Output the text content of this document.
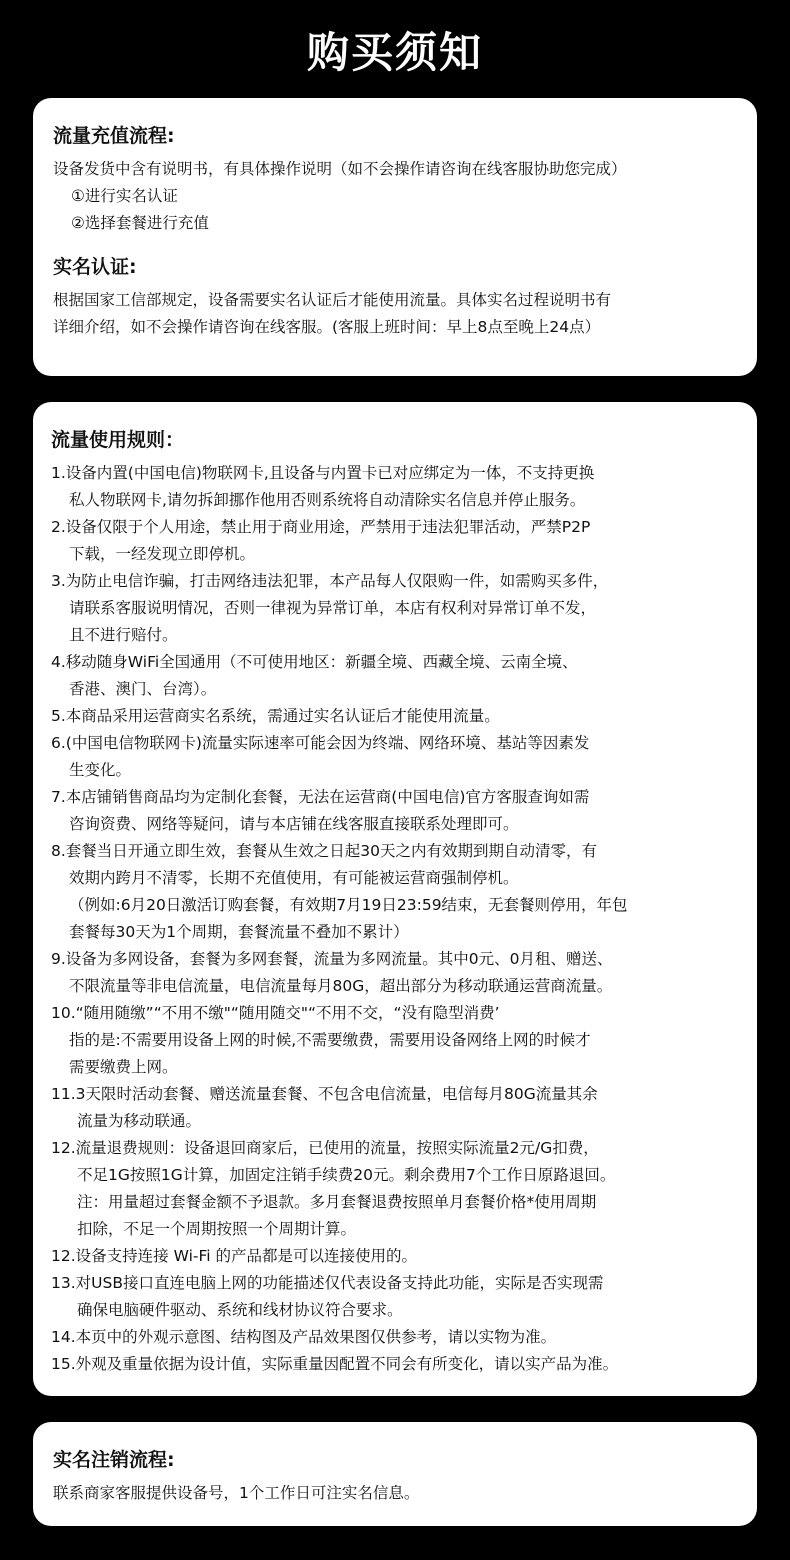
购买须知
流量充值流程:

设备发货中含有说明书，有具体操作说明（如不会操作请咨询在线客服协助您完成）

①进行实名认证

②选择套餐进行充值

实名认证:

根据国家工信部规定，设备需要实名认证后才能使用流量。具体实名过程说明书有

详细介绍，如不会操作请咨询在线客服。(客服上班时间：早上8点至晚上24点）

流量使用规则：

1.设备内置(中国电信)物联网卡,且设备与内置卡已对应绑定为一体，不支持更换

私人物联网卡,请勿拆卸挪作他用否则系统将自动清除实名信息并停止服务。

2.设备仅限于个人用途，禁止用于商业用途，严禁用于违法犯罪活动，严禁P2P

下载，一经发现立即停机。

3.为防止电信诈骗，打击网络违法犯罪，本产品每人仅限购一件，如需购买多件，

请联系客服说明情况，否则一律视为异常订单，本店有权利对异常订单不发，

且不进行赔付。

4.移动随身WiFi全国通用（不可使用地区：新疆全境、西藏全境、云南全境、

香港、澳门、台湾）。

5.本商品采用运营商实名系统，需通过实名认证后才能使用流量。

6.(中国电信物联网卡)流量实际速率可能会因为终端、网络环境、基站等因素发

生变化。

7.本店铺销售商品均为定制化套餐，无法在运营商(中国电信)官方客服查询如需

咨询资费、网络等疑问，请与本店铺在线客服直接联系处理即可。

8.套餐当日开通立即生效，套餐从生效之日起30天之内有效期到期自动清零，有

效期内跨月不清零，长期不充值使用，有可能被运营商强制停机。

（例如:6月20日激活订购套餐，有效期7月19日23:59结束，无套餐则停用，年包

套餐每30天为1个周期，套餐流量不叠加不累计）

9.设备为多网设备，套餐为多网套餐，流量为多网流量。其中0元、0月租、赠送、

不限流量等非电信流量，电信流量每月80G，超出部分为移动联通运营商流量。

10.“随用随缴”“不用不缴"“随用随交"“不用不交，“没有隐型消费’

指的是:不需要用设备上网的时候,不需要缴费，需要用设备网络上网的时候才

需要缴费上网。

11.3天限时活动套餐、赠送流量套餐、不包含电信流量，电信每月80G流量其余

流量为移动联通。

12.流量退费规则：设备退回商家后，已使用的流量，按照实际流量2元/G扣费，

不足1G按照1G计算，加固定注销手续费20元。剩余费用7个工作日原路退回。

注：用量超过套餐金额不予退款。多月套餐退费按照单月套餐价格*使用周期

扣除，不足一个周期按照一个周期计算。

12.设备支持连接 Wi-Fi 的产品都是可以连接使用的。

13.对USB接口直连电脑上网的功能描述仅代表设备支持此功能，实际是否实现需

确保电脑硬件驱动、系统和线材协议符合要求。

14.本页中的外观示意图、结构图及产品效果图仅供参考，请以实物为准。

15.外观及重量依据为设计值，实际重量因配置不同会有所变化，请以实产品为准。

实名注销流程:

联系商家客服提供设备号，1个工作日可注实名信息。
